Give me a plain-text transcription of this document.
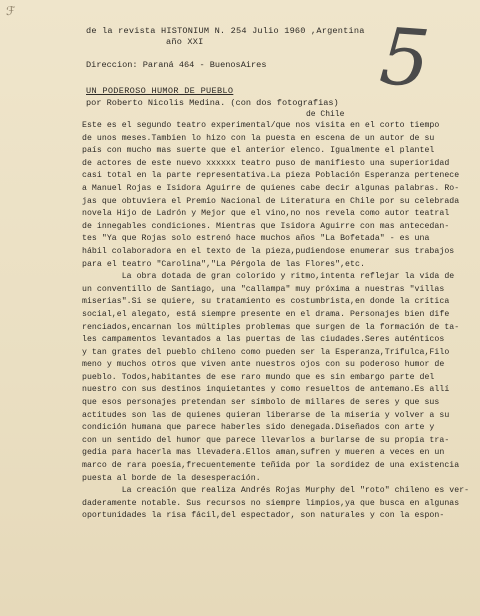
ℱ
de la revista HISTONIUM N. 254 Julio 1960 ,Argentina
año XXI
Direccion: Paraná 464 - BuenosAires 5
UN PODEROSO HUMOR DE PUEBLO
por Roberto Nicolis Medina. (con dos fotografias)
de Chile

Este es el segundo teatro experimental/que nos visita en el corto tiempo

de unos meses.Tambien lo hizo con la puesta en escena de un autor de su

país con mucho mas suerte que el anterior elenco. Igualmente el plantel

de actores de este nuevo xxxxxx teatro puso de manifiesto una superioridad

casi total en la parte representativa.La pieza Población Esperanza pertenece

a Manuel Rojas e Isidora Aguirre de quienes cabe decir algunas palabras. Ro-

jas que obtuviera el Premio Nacional de Literatura en Chile por su celebrada

novela Hijo de Ladrón y Mejor que el vino,no nos revela como autor teatral

de innegables condiciones. Mientras que Isidora Aguirre con mas antecedan-

tes "Ya que Rojas solo estrenó hace muchos años "La Bofetada" - es una

hábil colaboradora en el texto de la pieza,pudiendose enumerar sus trabajos

para el teatro "Carolina","La Pérgola de las Flores",etc.

La obra dotada de gran colorido y ritmo,intenta reflejar la vida de

un conventillo de Santiago, una "callampa" muy próxima a nuestras "villas

miserias".Si se quiere, su tratamiento es costumbrista,en donde la crítica

social,el alegato, está siempre presente en el drama. Personajes bien dife

renciados,encarnan los múltiples problemas que surgen de la formación de ta-

les campamentos levantados a las puertas de las ciudades.Seres auténticos

y tan grates del pueblo chileno como pueden ser la Esperanza,Trifulca,Filo

meno y muchos otros que viven ante nuestros ojos con su poderoso humor de

pueblo. Todos,habitantes de ese raro mundo que es sin embargo parte del

nuestro con sus destinos inquietantes y como resueltos de antemano.Es allí

que esos personajes pretendan ser símbolo de millares de seres y que sus

actitudes son las de quienes quieran liberarse de la miseria y volver a su

condición humana que parece haberles sido denegada.Diseñados con arte y

con un sentido del humor que parece llevarlos a burlarse de su propia tra-

gedia para hacerla mas llevadera.Ellos aman,sufren y mueren a veces en un

marco de rara poesía,frecuentemente teñida por la sordidez de una existencia

puesta al borde de la desesperación.

La creación que realiza Andrés Rojas Murphy del "roto" chileno es ver-

daderamente notable. Sus recursos no siempre limpios,ya que busca en algunas

oportunidades la risa fácil,del espectador, son naturales y con la espon-
